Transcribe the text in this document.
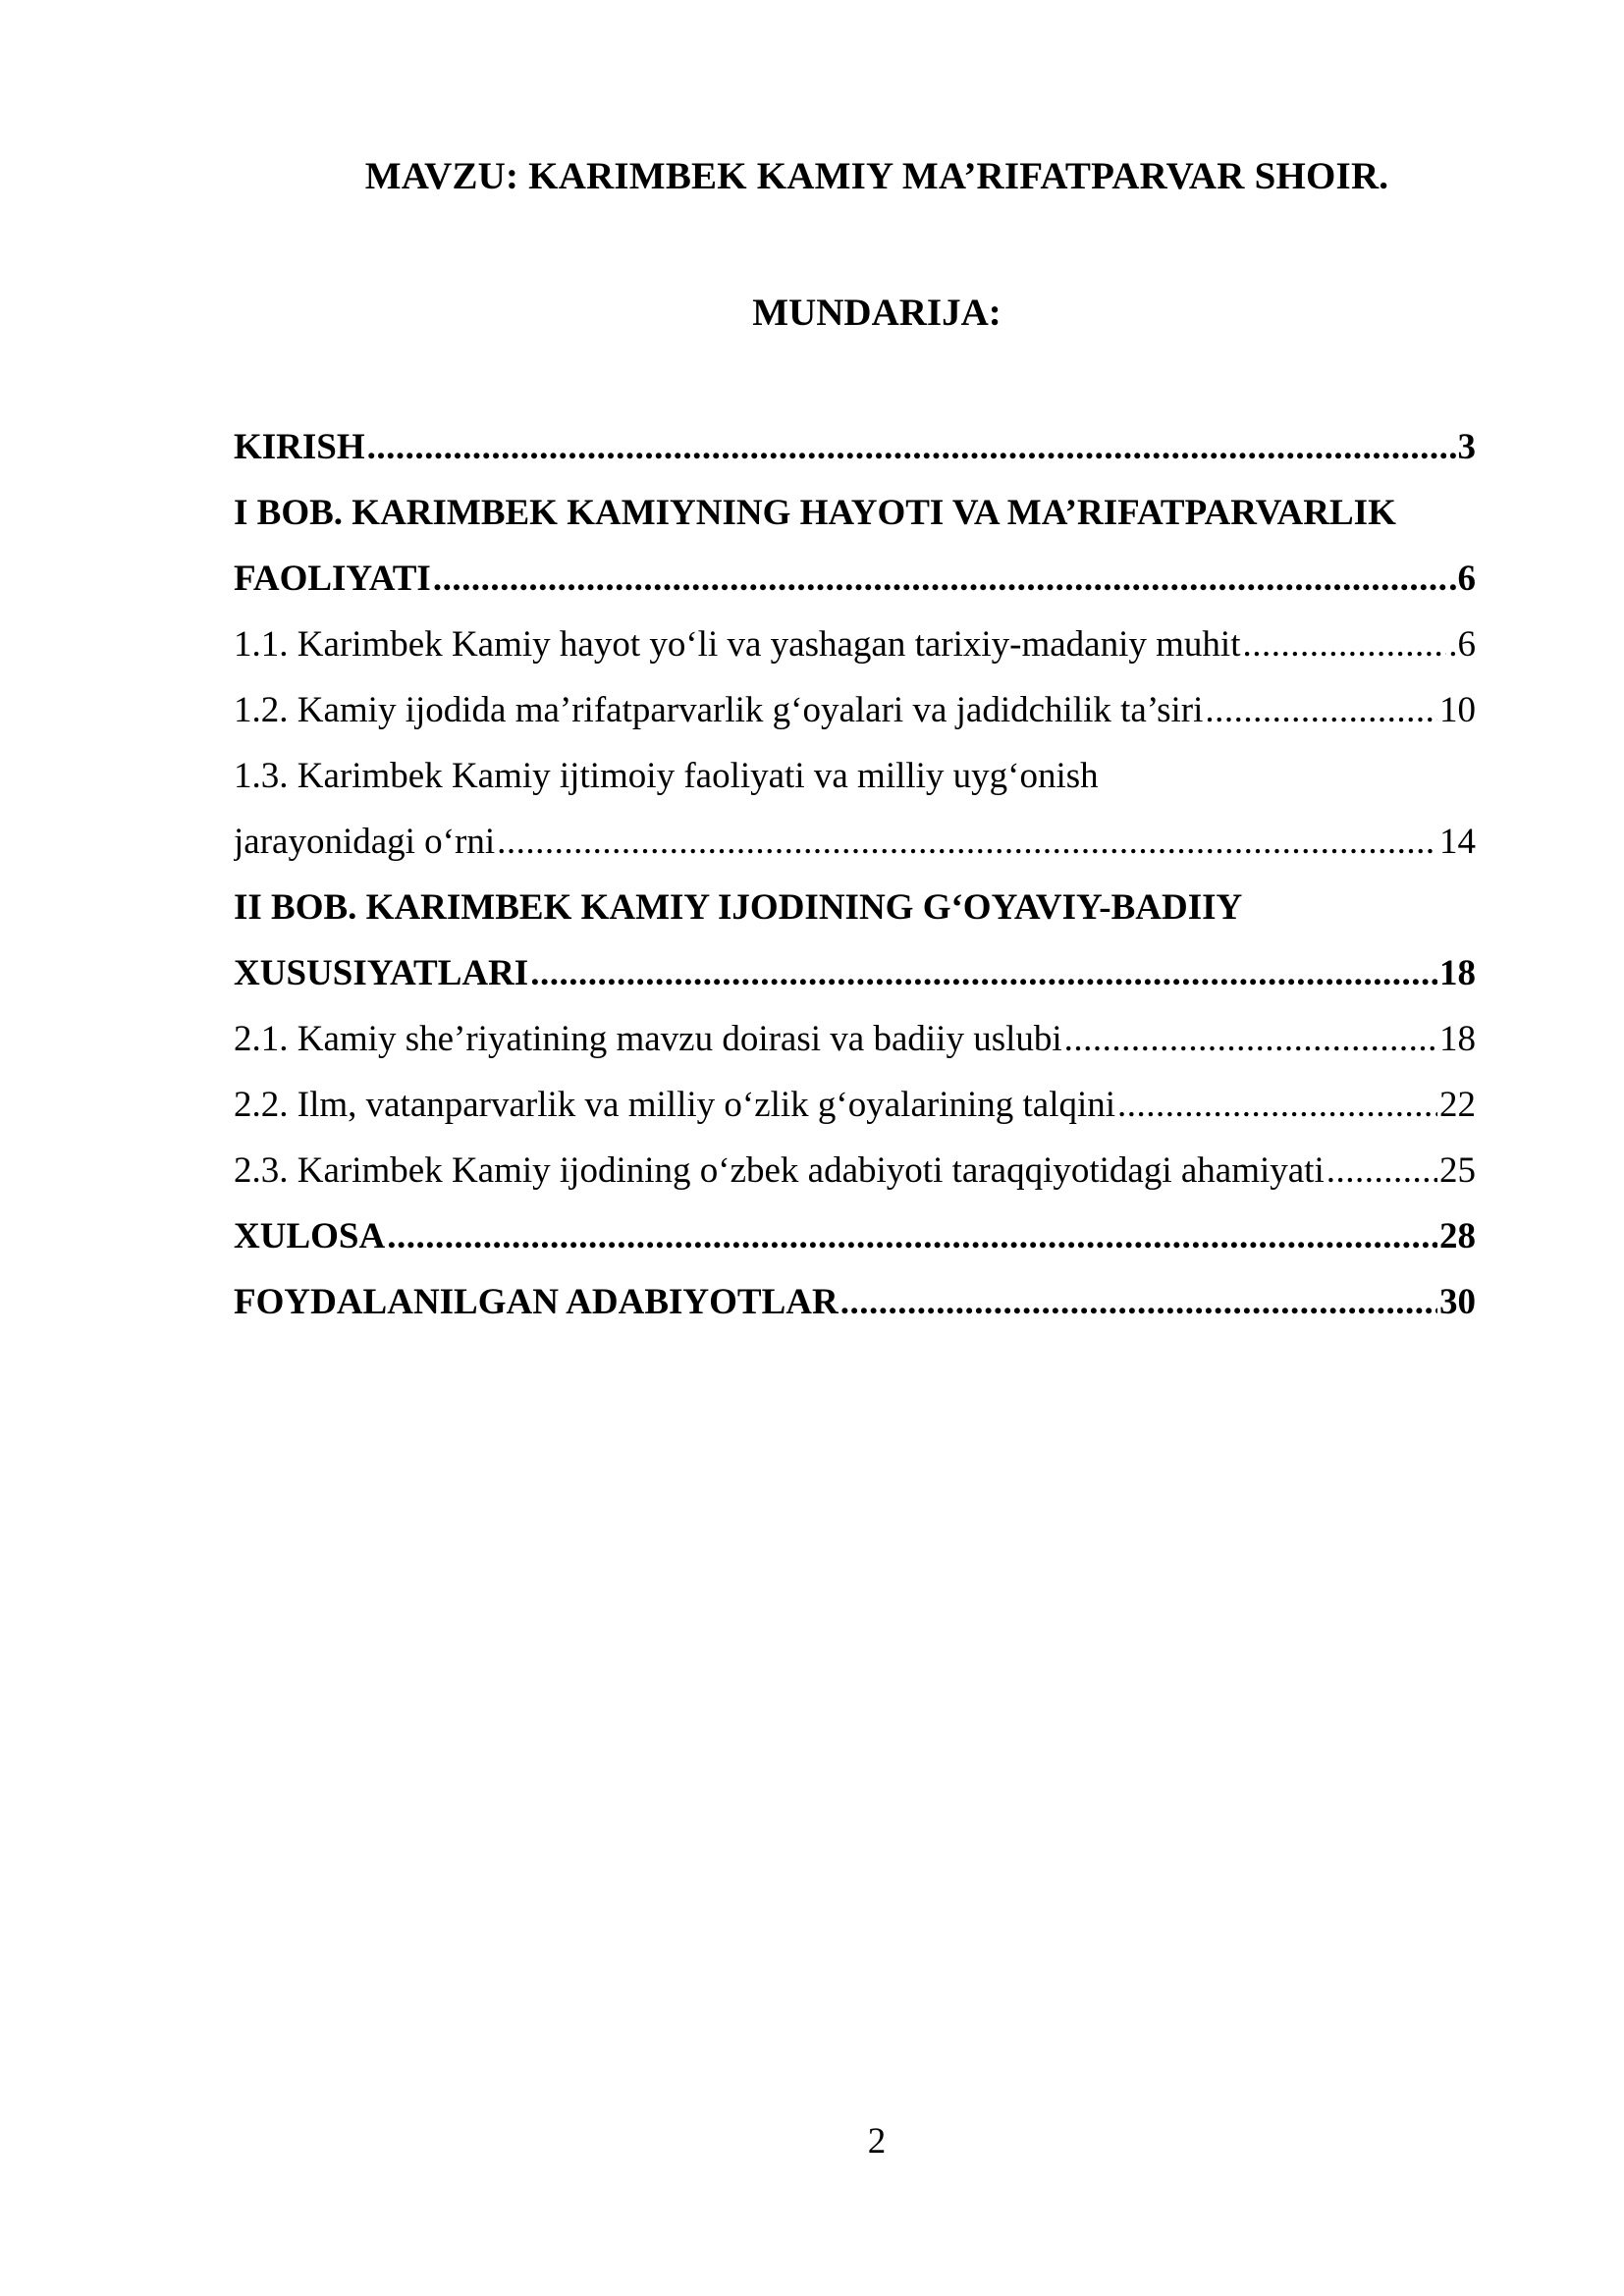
MAVZU: KARIMBEK KAMIY MA’RIFATPARVAR SHOIR.
MUNDARIJA:
KIRISH .....	.3
I BOB. KARIMBEK KAMIYNING HAYOTI VA MA’RIFATPARVARLIK
FAOLIYATI .....	.6
1.1. Karimbek Kamiy hayot yo‘li va yashagan tarixiy-madaniy muhit .....	.6
1.2. Kamiy ijodida ma’rifatparvarlik g‘oyalari va jadidchilik ta’siri .....	10
1.3. Karimbek Kamiy ijtimoiy faoliyati va milliy uyg‘onish
jarayonidagi o‘rni .....	14
II BOB. KARIMBEK KAMIY IJODINING G‘OYAVIY-BADIIY
XUSUSIYATLARI .....	18
2.1. Kamiy she’riyatining mavzu doirasi va badiiy uslubi .....	18
2.2. Ilm, vatanparvarlik va milliy o‘zlik g‘oyalarining talqini .....	22
2.3. Karimbek Kamiy ijodining o‘zbek adabiyoti taraqqiyotidagi ahamiyati .....	25
XULOSA .....	28
FOYDALANILGAN ADABIYOTLAR .....	30
2
